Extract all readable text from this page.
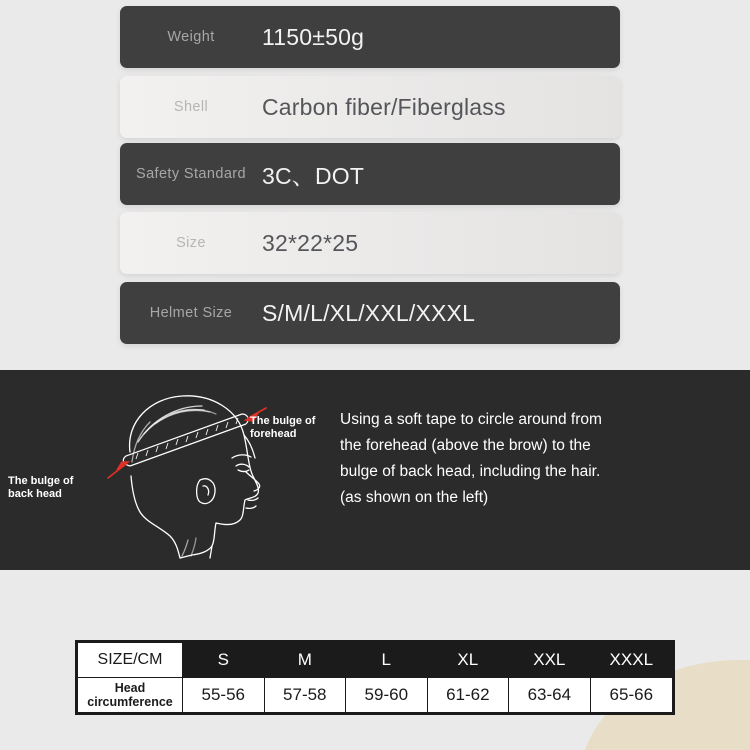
Weight	1150±50g
Shell	Carbon fiber/Fiberglass
Safety Standard 3C、DOT
Size	32*22*25
Helmet Size	S/M/L/XL/XXL/XXXL
The bulge of forehead
The bulge of back head
Using a soft tape to circle around from
the forehead (above the brow) to the
bulge of back head, including the hair.
(as shown on the left)
SIZE/CM	S	M	L	XL	XXL	XXXL

Head
circumference	55-56	57-58	59-60	61-62	63-64	65-66
